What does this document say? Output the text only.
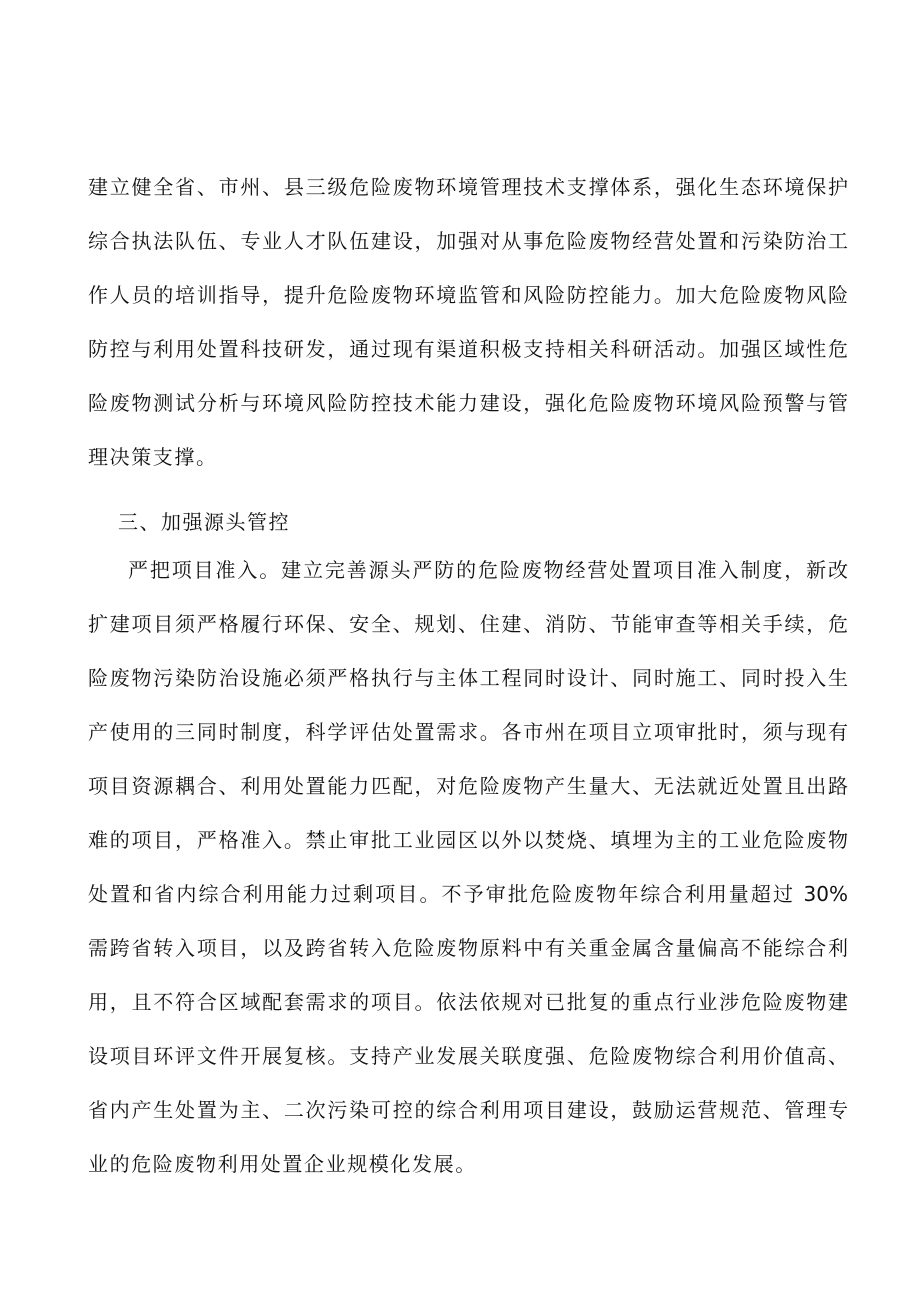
建立健全省、市州、县三级危险废物环境管理技术支撑体系，强化生态环境保护
综合执法队伍、专业人才队伍建设，加强对从事危险废物经营处置和污染防治工
作人员的培训指导，提升危险废物环境监管和风险防控能力。加大危险废物风险
防控与利用处置科技研发，通过现有渠道积极支持相关科研活动。加强区域性危
险废物测试分析与环境风险防控技术能力建设，强化危险废物环境风险预警与管
理决策支撑。
三、加强源头管控
严把项目准入。建立完善源头严防的危险废物经营处置项目准入制度，新改
扩建项目须严格履行环保、安全、规划、住建、消防、节能审查等相关手续，危
险废物污染防治设施必须严格执行与主体工程同时设计、同时施工、同时投入生
产使用的三同时制度，科学评估处置需求。各市州在项目立项审批时，须与现有
项目资源耦合、利用处置能力匹配，对危险废物产生量大、无法就近处置且出路
难的项目，严格准入。禁止审批工业园区以外以焚烧、填埋为主的工业危险废物
处置和省内综合利用能力过剩项目。不予审批危险废物年综合利用量超过 30%
需跨省转入项目，以及跨省转入危险废物原料中有关重金属含量偏高不能综合利
用，且不符合区域配套需求的项目。依法依规对已批复的重点行业涉危险废物建
设项目环评文件开展复核。支持产业发展关联度强、危险废物综合利用价值高、
省内产生处置为主、二次污染可控的综合利用项目建设，鼓励运营规范、管理专
业的危险废物利用处置企业规模化发展。
